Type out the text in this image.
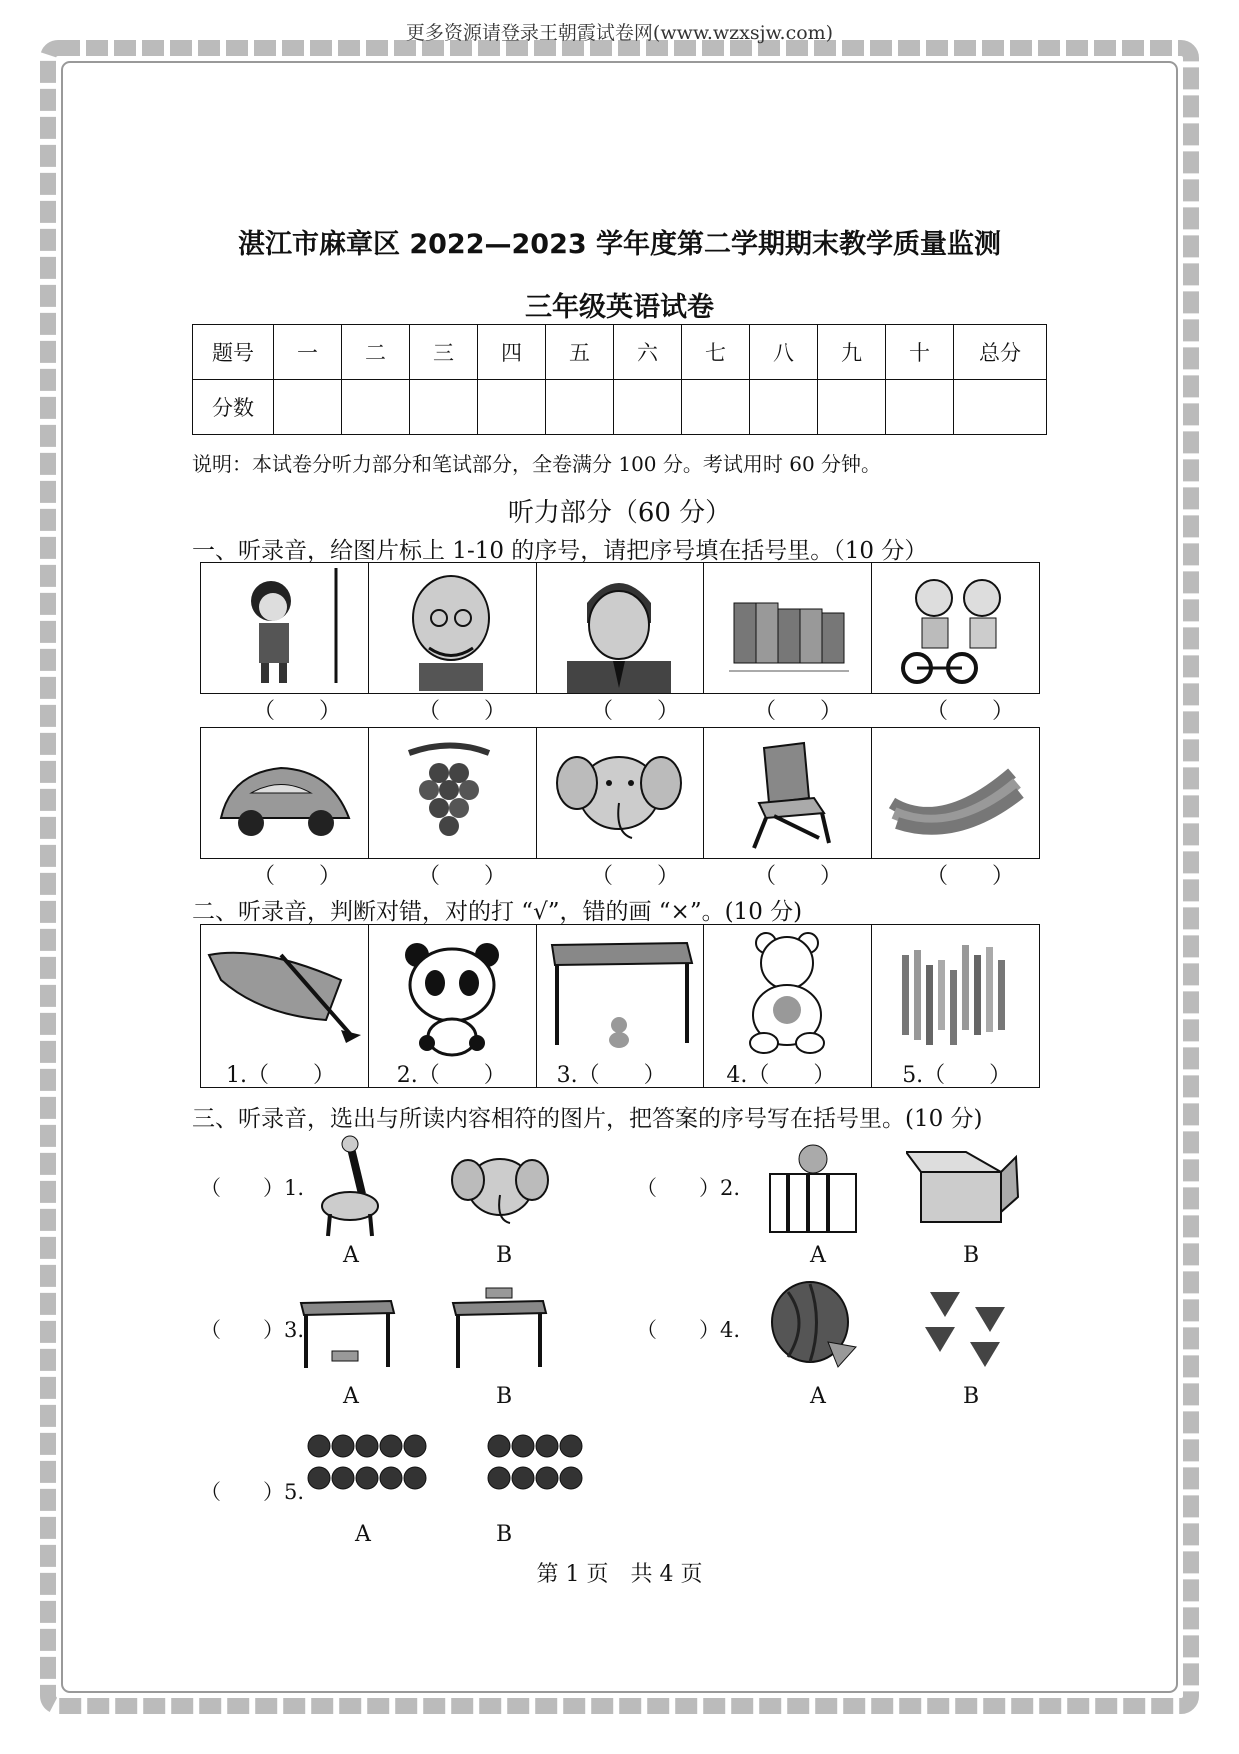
更多资源请登录王朝霞试卷网(www.wzxsjw.com)
湛江市麻章区 2022—2023 学年度第二学期期末教学质量监测
三年级英语试卷
题号	一	二	三	四	五	六	七	八	九	十	总分
分数											
说明：本试卷分听力部分和笔试部分，全卷满分 100 分。考试用时 60 分钟。
听力部分（60 分）
一、听录音，给图片标上 1-10 的序号，请把序号填在括号里。（10 分）
（　　）	（　　）	（　　）	（　　）	（　　）
（　　）	（　　）	（　　）	（　　）	（　　）
二、听录音，判断对错，对的打 “√”，错的画 “×”。(10 分)
1.（　　）	2.（　　） 3.（　　）	4.（　　）	5.（　　）
三、听录音，选出与所读内容相符的图片，把答案的序号写在括号里。(10 分)
（　　）1.
A	B
（　　）2.
A	B
（　　）3.
A	B
（　　）4.
A	B
（　　）5.
A	B
第 1 页　共 4 页
